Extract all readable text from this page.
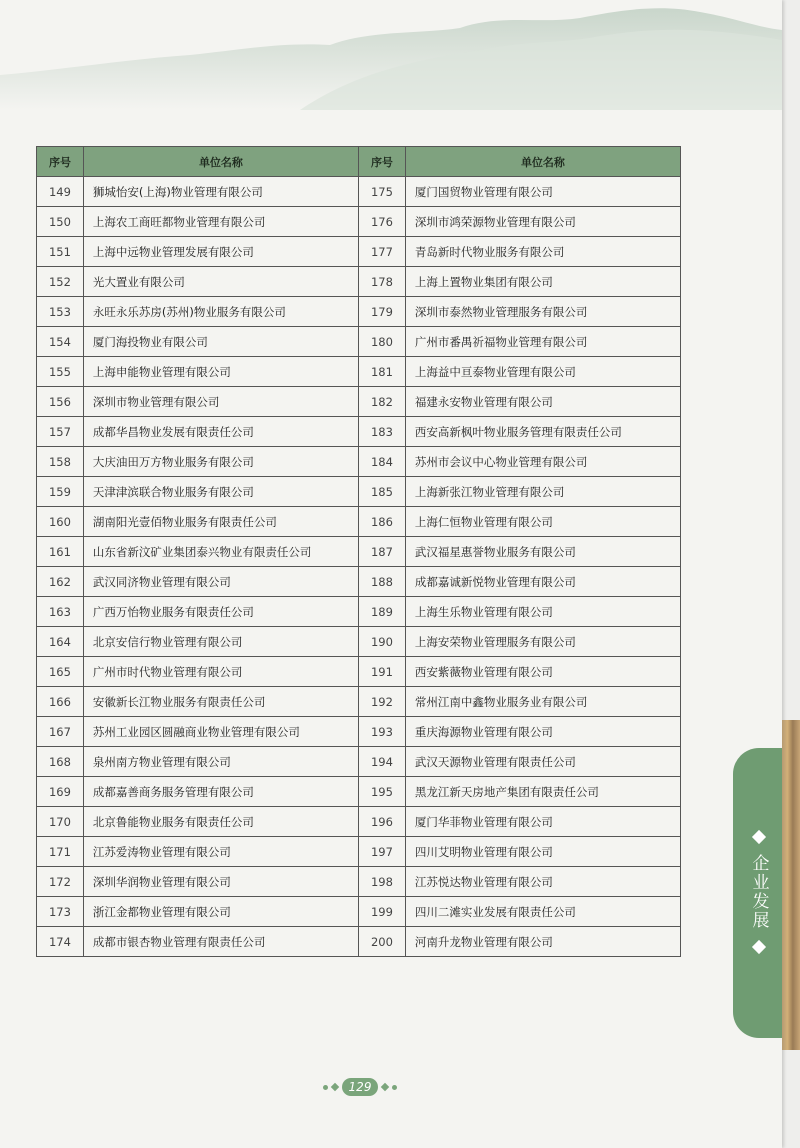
序号	单位名称		序号	单位名称
149	狮城怡安(上海)物业管理有限公司		175	厦门国贸物业管理有限公司
150	上海农工商旺都物业管理有限公司		176	深圳市鸿荣源物业管理有限公司
151	上海中远物业管理发展有限公司		177	青岛新时代物业服务有限公司
152	光大置业有限公司		178	上海上置物业集团有限公司
153	永旺永乐苏房(苏州)物业服务有限公司		179	深圳市泰然物业管理服务有限公司
154	厦门海投物业有限公司		180	广州市番禺祈福物业管理有限公司
155	上海申能物业管理有限公司		181	上海益中亘泰物业管理有限公司
156	深圳市物业管理有限公司		182	福建永安物业管理有限公司
157	成都华昌物业发展有限责任公司		183	西安高新枫叶物业服务管理有限责任公司
158	大庆油田万方物业服务有限公司		184	苏州市会议中心物业管理有限公司
159	天津津滨联合物业服务有限公司		185	上海新张江物业管理有限公司
160	湖南阳光壹佰物业服务有限责任公司		186	上海仁恒物业管理有限公司
161	山东省新汶矿业集团泰兴物业有限责任公司		187	武汉福星惠誉物业服务有限公司
162	武汉同济物业管理有限公司		188	成都嘉诚新悦物业管理有限公司
163	广西万怡物业服务有限责任公司		189	上海生乐物业管理有限公司
164	北京安信行物业管理有限公司		190	上海安荣物业管理服务有限公司
165	广州市时代物业管理有限公司		191	西安紫薇物业管理有限公司
166	安徽新长江物业服务有限责任公司		192	常州江南中鑫物业服务业有限公司
167	苏州工业园区圆融商业物业管理有限公司		193	重庆海源物业管理有限公司
168	泉州南方物业管理有限公司		194	武汉天源物业管理有限责任公司
169	成都嘉善商务服务管理有限公司		195	黑龙江新天房地产集团有限责任公司
170	北京鲁能物业服务有限责任公司		196	厦门华菲物业管理有限公司
171	江苏爱涛物业管理有限公司		197	四川艾明物业管理有限公司
172	深圳华润物业管理有限公司		198	江苏悦达物业管理有限公司
173	浙江金都物业管理有限公司		199	四川二滩实业发展有限责任公司
174	成都市银杏物业管理有限责任公司		200	河南升龙物业管理有限公司
企业发展
129
